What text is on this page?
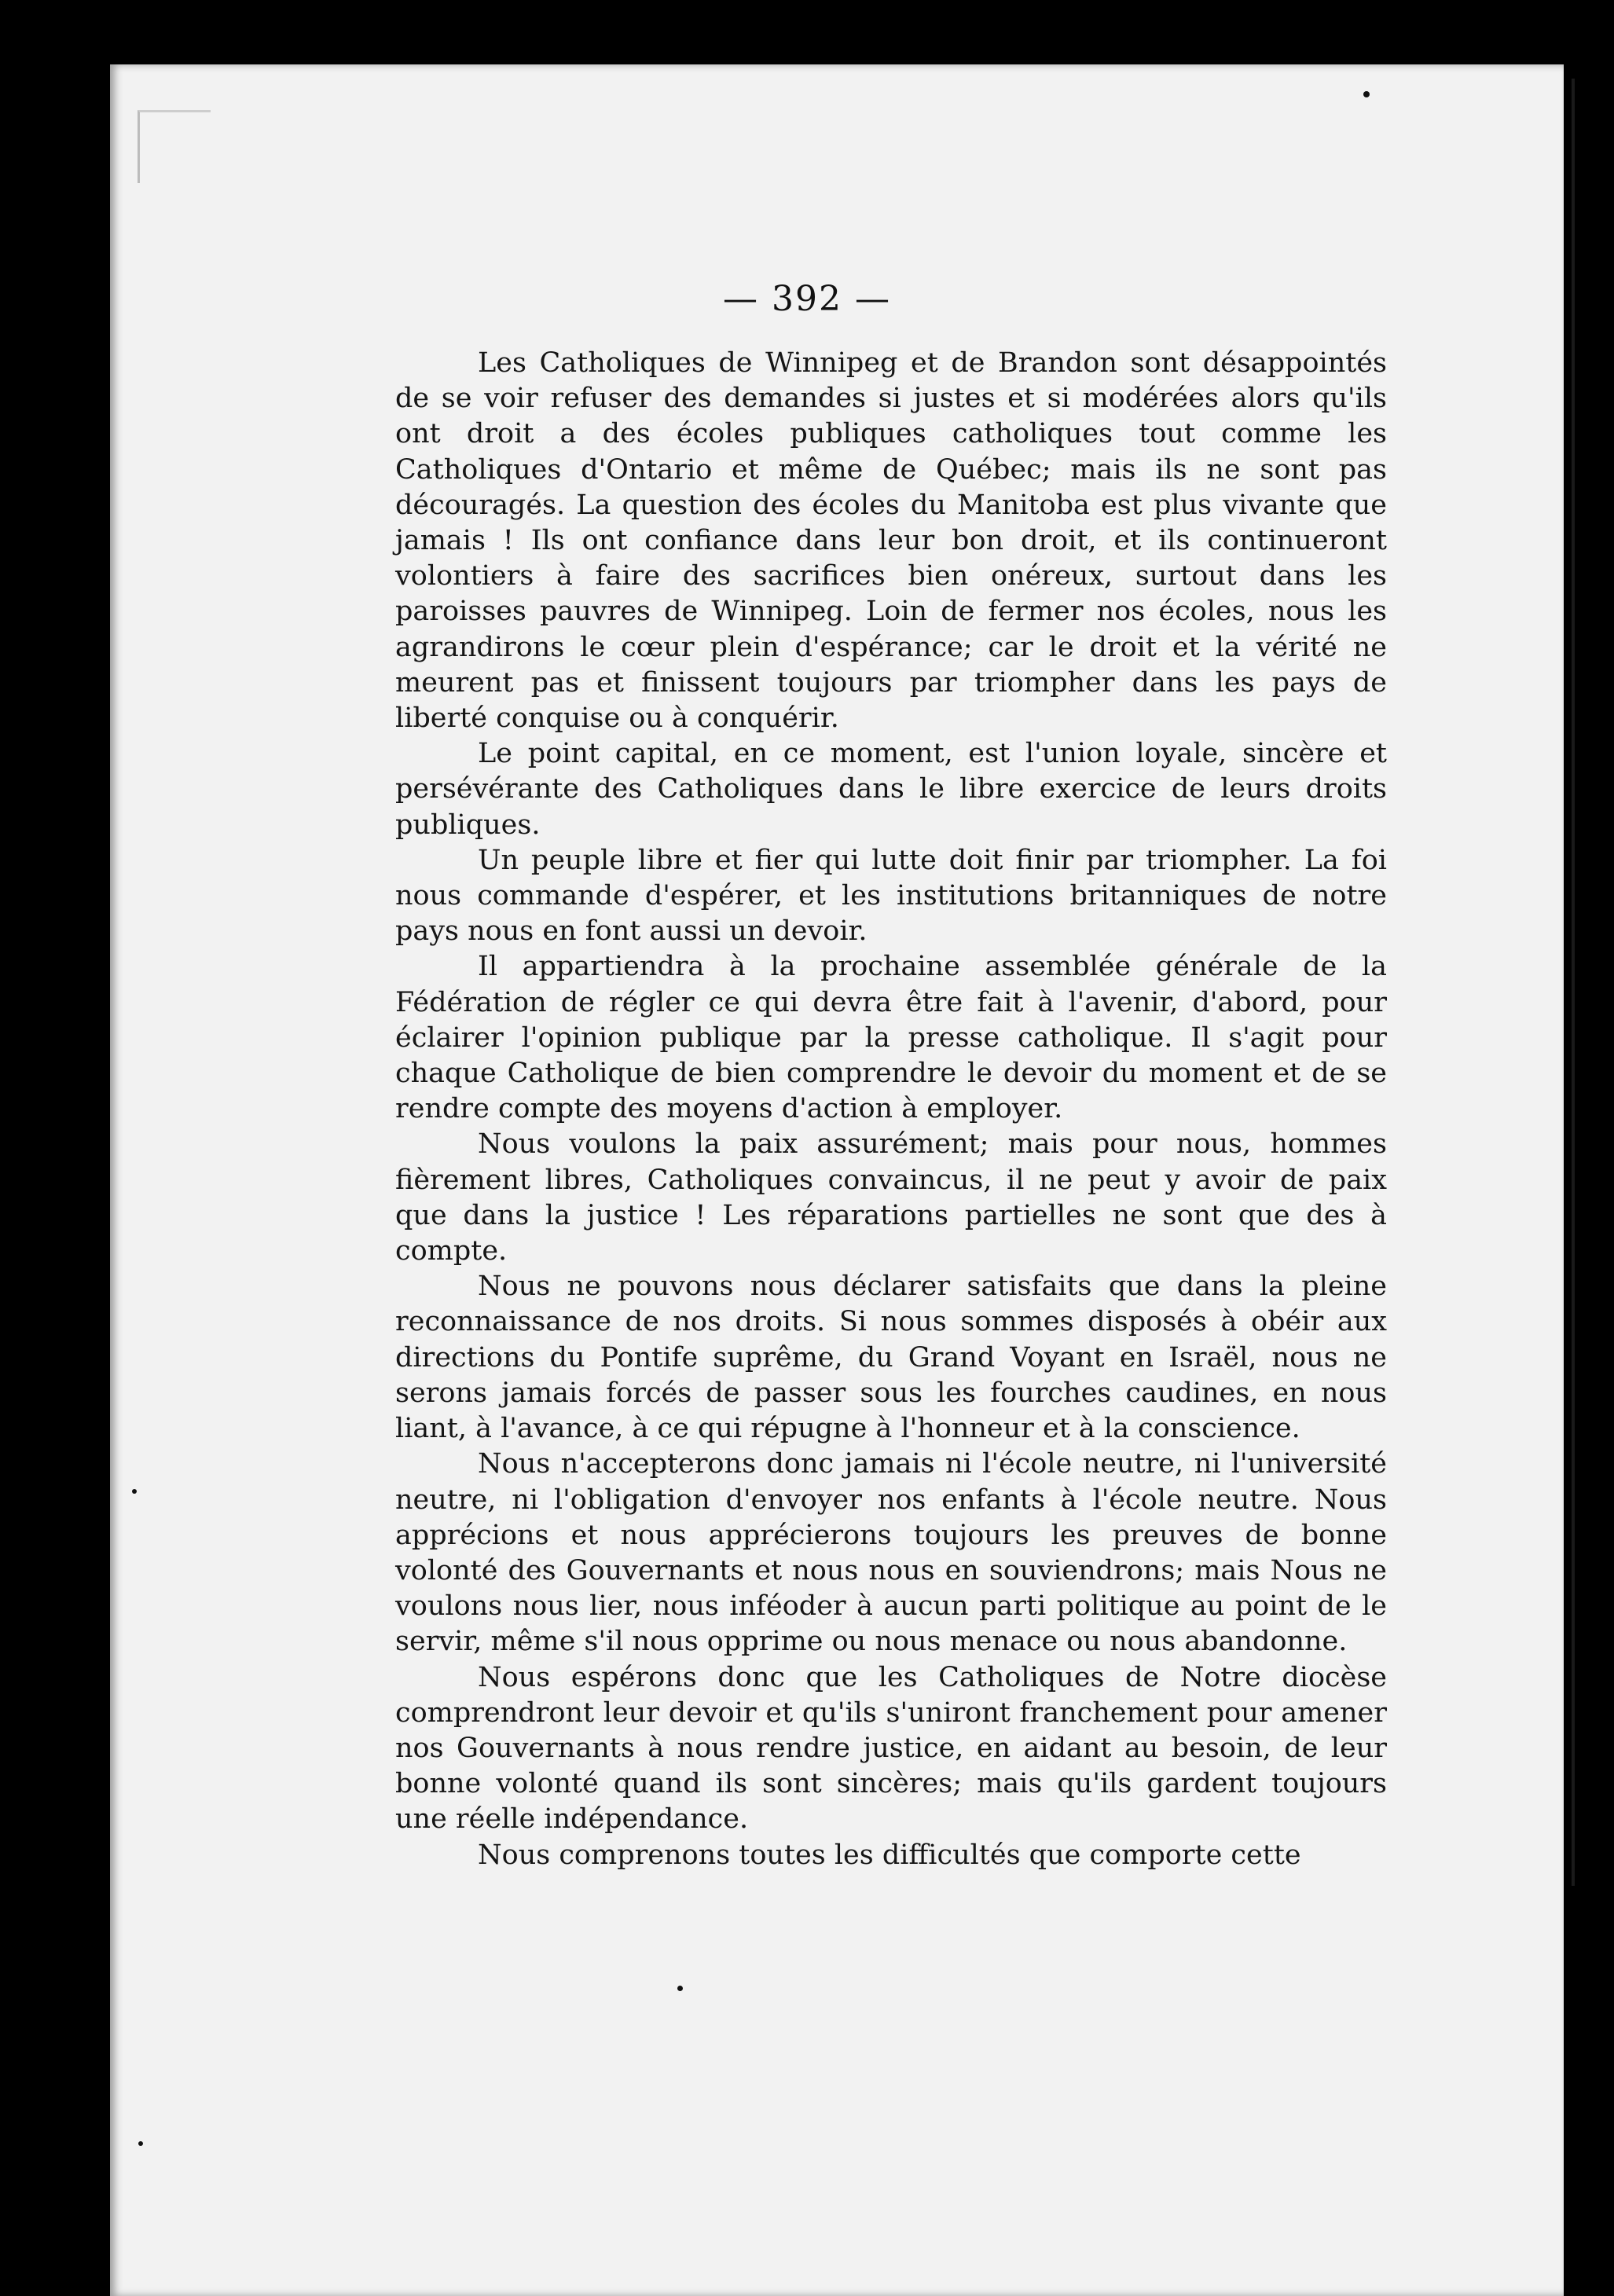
— 392 —

Les Catholiques de Winnipeg et de Brandon sont désappointés de se voir refuser des demandes si justes et si modérées alors qu'ils ont droit a des écoles publiques catholiques tout comme les Catholiques d'Ontario et même de Québec; mais ils ne sont pas découragés. La question des écoles du Manitoba est plus vivante que jamais ! Ils ont confiance dans leur bon droit, et ils continueront volontiers à faire des sacrifices bien onéreux, surtout dans les paroisses pauvres de Winnipeg. Loin de fermer nos écoles, nous les agrandirons le cœur plein d'espérance; car le droit et la vérité ne meurent pas et finissent toujours par triompher dans les pays de liberté conquise ou à conquérir.

Le point capital, en ce moment, est l'union loyale, sincère et persévérante des Catholiques dans le libre exercice de leurs droits publiques.

Un peuple libre et fier qui lutte doit finir par triompher. La foi nous commande d'espérer, et les institutions britanniques de notre pays nous en font aussi un devoir.

Il appartiendra à la prochaine assemblée générale de la Fédération de régler ce qui devra être fait à l'avenir, d'abord, pour éclairer l'opinion publique par la presse catholique. Il s'agit pour chaque Catholique de bien comprendre le devoir du moment et de se rendre compte des moyens d'action à employer.

Nous voulons la paix assurément; mais pour nous, hommes fièrement libres, Catholiques convaincus, il ne peut y avoir de paix que dans la justice ! Les réparations partielles ne sont que des à compte.

Nous ne pouvons nous déclarer satisfaits que dans la pleine reconnaissance de nos droits. Si nous sommes disposés à obéir aux directions du Pontife suprême, du Grand Voyant en Israël, nous ne serons jamais forcés de passer sous les fourches caudines, en nous liant, à l'avance, à ce qui répugne à l'honneur et à la conscience.

Nous n'accepterons donc jamais ni l'école neutre, ni l'université neutre, ni l'obligation d'envoyer nos enfants à l'école neutre. Nous apprécions et nous apprécierons toujours les preuves de bonne volonté des Gouvernants et nous nous en souviendrons; mais Nous ne voulons nous lier, nous inféoder à aucun parti politique au point de le servir, même s'il nous opprime ou nous menace ou nous abandonne.

Nous espérons donc que les Catholiques de Notre diocèse comprendront leur devoir et qu'ils s'uniront franchement pour amener nos Gouvernants à nous rendre justice, en aidant au besoin, de leur bonne volonté quand ils sont sincères; mais qu'ils gardent toujours une réelle indépendance.

Nous comprenons toutes les difficultés que comporte cette
